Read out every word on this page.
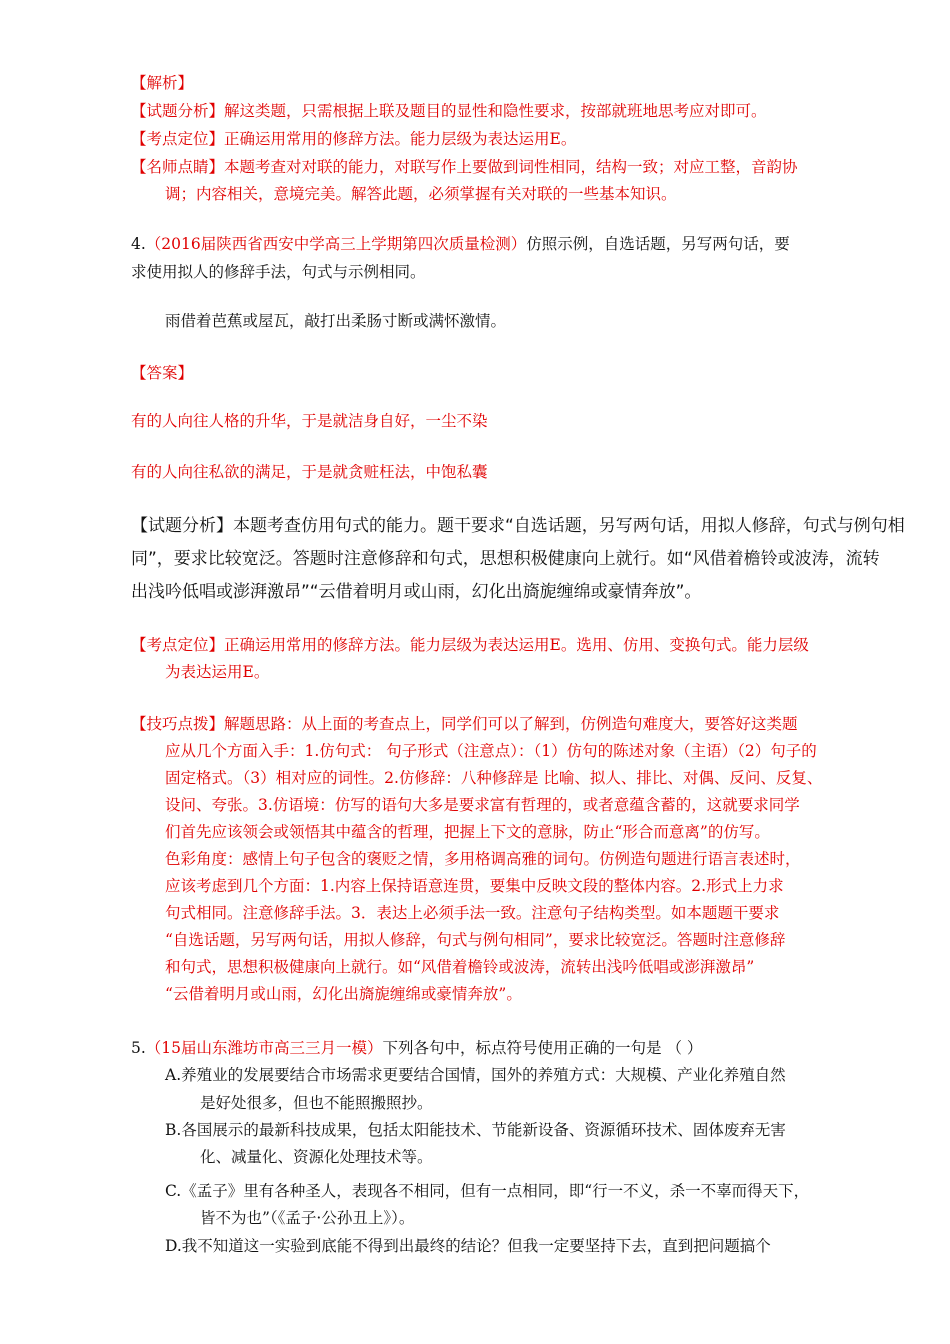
【解析】
【试题分析】解这类题，只需根据上联及题目的显性和隐性要求，按部就班地思考应对即可。
【考点定位】正确运用常用的修辞方法。能力层级为表达运用E。
【名师点睛】本题考查对对联的能力，对联写作上要做到词性相同，结构一致；对应工整，音韵协
调；内容相关，意境完美。解答此题，必须掌握有关对联的一些基本知识。
4.（2016届陕西省西安中学高三上学期第四次质量检测）仿照示例，自选话题，另写两句话，要
求使用拟人的修辞手法，句式与示例相同。
雨借着芭蕉或屋瓦，敲打出柔肠寸断或满怀激情。
【答案】
有的人向往人格的升华，于是就洁身自好，一尘不染
有的人向往私欲的满足，于是就贪赃枉法，中饱私囊
【试题分析】本题考查仿用句式的能力。题干要求“自选话题，另写两句话，用拟人修辞，句式与例句相
同”，要求比较宽泛。答题时注意修辞和句式，思想积极健康向上就行。如“风借着檐铃或波涛，流转
出浅吟低唱或澎湃激昂”“云借着明月或山雨，幻化出旖旎缠绵或豪情奔放”。
【考点定位】正确运用常用的修辞方法。能力层级为表达运用E。选用、仿用、变换句式。能力层级
为表达运用E。
【技巧点拨】解题思路：从上面的考查点上，同学们可以了解到，仿例造句难度大，要答好这类题
应从几个方面入手：1.仿句式： 句子形式（注意点）：（1）仿句的陈述对象（主语）（2）句子的
固定格式。（3）相对应的词性。2.仿修辞：八种修辞是 比喻、拟人、排比、对偶、反问、反复、
设问、夸张。3.仿语境：仿写的语句大多是要求富有哲理的，或者意蕴含蓄的，这就要求同学
们首先应该领会或领悟其中蕴含的哲理，把握上下文的意脉，防止“形合而意离”的仿写。
色彩角度：感情上句子包含的褒贬之情，多用格调高雅的词句。仿例造句题进行语言表述时，
应该考虑到几个方面：1.内容上保持语意连贯，要集中反映文段的整体内容。2.形式上力求
句式相同。注意修辞手法。3．表达上必须手法一致。注意句子结构类型。如本题题干要求
“自选话题，另写两句话，用拟人修辞，句式与例句相同”，要求比较宽泛。答题时注意修辞
和句式，思想积极健康向上就行。如“风借着檐铃或波涛，流转出浅吟低唱或澎湃激昂”
“云借着明月或山雨，幻化出旖旎缠绵或豪情奔放”。
5.（15届山东潍坊市高三三月一模）下列各句中，标点符号使用正确的一句是 （ ）
A.养殖业的发展要结合市场需求更要结合国情，国外的养殖方式：大规模、产业化养殖自然
是好处很多，但也不能照搬照抄。
B.各国展示的最新科技成果，包括太阳能技术、节能新设备、资源循环技术、固体废弃无害
化、减量化、资源化处理技术等。
C.《孟子》里有各种圣人，表现各不相同，但有一点相同，即“行一不义，杀一不辜而得天下，
皆不为也”（《孟子·公孙丑上》）。
D.我不知道这一实验到底能不得到出最终的结论？但我一定要坚持下去，直到把问题搞个
